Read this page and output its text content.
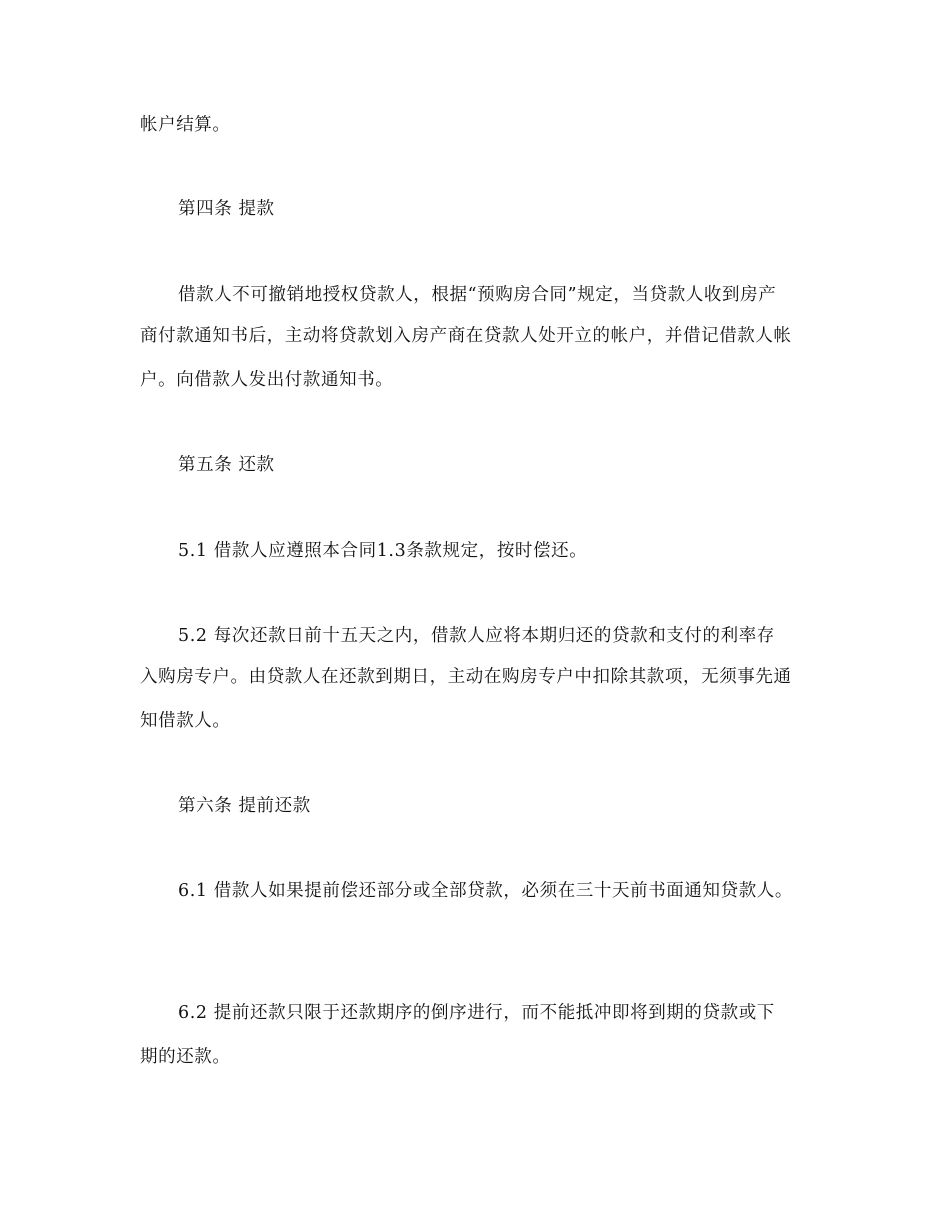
帐户结算。
第四条 提款
借款人不可撤销地授权贷款人，根据“预购房合同”规定，当贷款人收到房产
商付款通知书后，主动将贷款划入房产商在贷款人处开立的帐户，并借记借款人帐
户。向借款人发出付款通知书。
第五条 还款
5.1 借款人应遵照本合同1.3条款规定，按时偿还。
5.2 每次还款日前十五天之内，借款人应将本期归还的贷款和支付的利率存
入购房专户。由贷款人在还款到期日，主动在购房专户中扣除其款项，无须事先通
知借款人。
第六条 提前还款
6.1 借款人如果提前偿还部分或全部贷款，必须在三十天前书面通知贷款人。
6.2 提前还款只限于还款期序的倒序进行，而不能抵冲即将到期的贷款或下
期的还款。
